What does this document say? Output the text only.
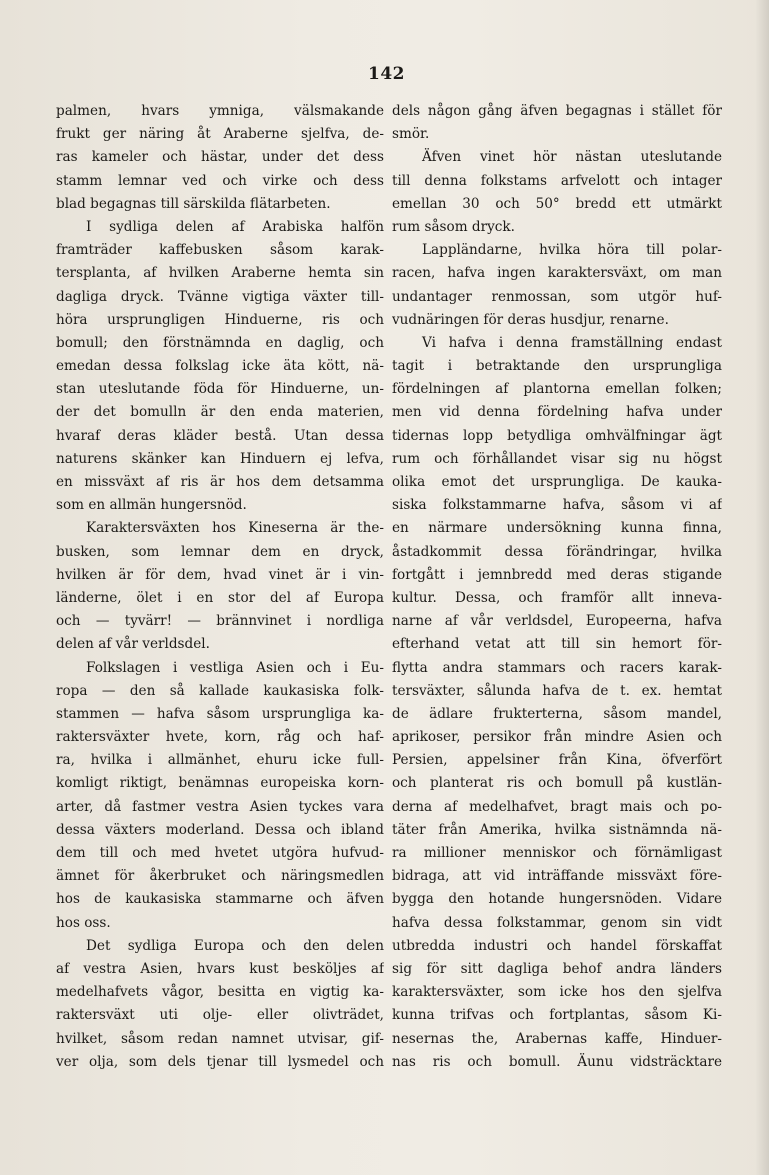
142
palmen, hvars ymniga, välsmakande
frukt ger näring åt Araberne sjelfva, de-
ras kameler och hästar, under det dess
stamm lemnar ved och virke och dess
blad begagnas till särskilda flätarbeten.
I sydliga delen af Arabiska halfön
framträder kaffebusken såsom karak-
tersplanta, af hvilken Araberne hemta sin
dagliga dryck. Tvänne vigtiga växter till-
höra ursprungligen Hinduerne, ris och
bomull; den förstnämnda en daglig, och
emedan dessa folkslag icke äta kött, nä-
stan uteslutande föda för Hinduerne, un-
der det bomulln är den enda materien,
hvaraf deras kläder bestå. Utan dessa
naturens skänker kan Hinduern ej lefva,
en missväxt af ris är hos dem detsamma
som en allmän hungersnöd.
Karaktersväxten hos Kineserna är the-
busken, som lemnar dem en dryck,
hvilken är för dem, hvad vinet är i vin-
länderne, ölet i en stor del af Europa
och — tyvärr! — brännvinet i nordliga
delen af vår verldsdel.
Folkslagen i vestliga Asien och i Eu-
ropa — den så kallade kaukasiska folk-
stammen — hafva såsom ursprungliga ka-
raktersväxter hvete, korn, råg och haf-
ra, hvilka i allmänhet, ehuru icke full-
komligt riktigt, benämnas europeiska korn-
arter, då fastmer vestra Asien tyckes vara
dessa växters moderland. Dessa och ibland
dem till och med hvetet utgöra hufvud-
ämnet för åkerbruket och näringsmedlen
hos de kaukasiska stammarne och äfven
hos oss.
Det sydliga Europa och den delen
af vestra Asien, hvars kust besköljes af
medelhafvets vågor, besitta en vigtig ka-
raktersväxt uti olje- eller olivträdet,
hvilket, såsom redan namnet utvisar, gif-
ver olja, som dels tjenar till lysmedel och
dels någon gång äfven begagnas i stället för
smör.
Äfven vinet hör nästan uteslutande
till denna folkstams arfvelott och intager
emellan 30 och 50° bredd ett utmärkt
rum såsom dryck.
Lappländarne, hvilka höra till polar-
racen, hafva ingen karaktersväxt, om man
undantager renmossan, som utgör huf-
vudnäringen för deras husdjur, renarne.
Vi hafva i denna framställning endast
tagit i betraktande den ursprungliga
fördelningen af plantorna emellan folken;
men vid denna fördelning hafva under
tidernas lopp betydliga omhvälfningar ägt
rum och förhållandet visar sig nu högst
olika emot det ursprungliga. De kauka-
siska folkstammarne hafva, såsom vi af
en närmare undersökning kunna finna,
åstadkommit dessa förändringar, hvilka
fortgått i jemnbredd med deras stigande
kultur. Dessa, och framför allt inneva-
narne af vår verldsdel, Europeerna, hafva
efterhand vetat att till sin hemort för-
flytta andra stammars och racers karak-
tersväxter, sålunda hafva de t. ex. hemtat
de ädlare frukterterna, såsom mandel,
aprikoser, persikor från mindre Asien och
Persien, appelsiner från Kina, öfverfört
och planterat ris och bomull på kustlän-
derna af medelhafvet, bragt mais och po-
täter från Amerika, hvilka sistnämnda nä-
ra millioner menniskor och förnämligast
bidraga, att vid inträffande missväxt före-
bygga den hotande hungersnöden. Vidare
hafva dessa folkstammar, genom sin vidt
utbredda industri och handel förskaffat
sig för sitt dagliga behof andra länders
karaktersväxter, som icke hos den sjelfva
kunna trifvas och fortplantas, såsom Ki-
nesernas the, Arabernas kaffe, Hinduer-
nas ris och bomull. Äunu vidsträcktare
